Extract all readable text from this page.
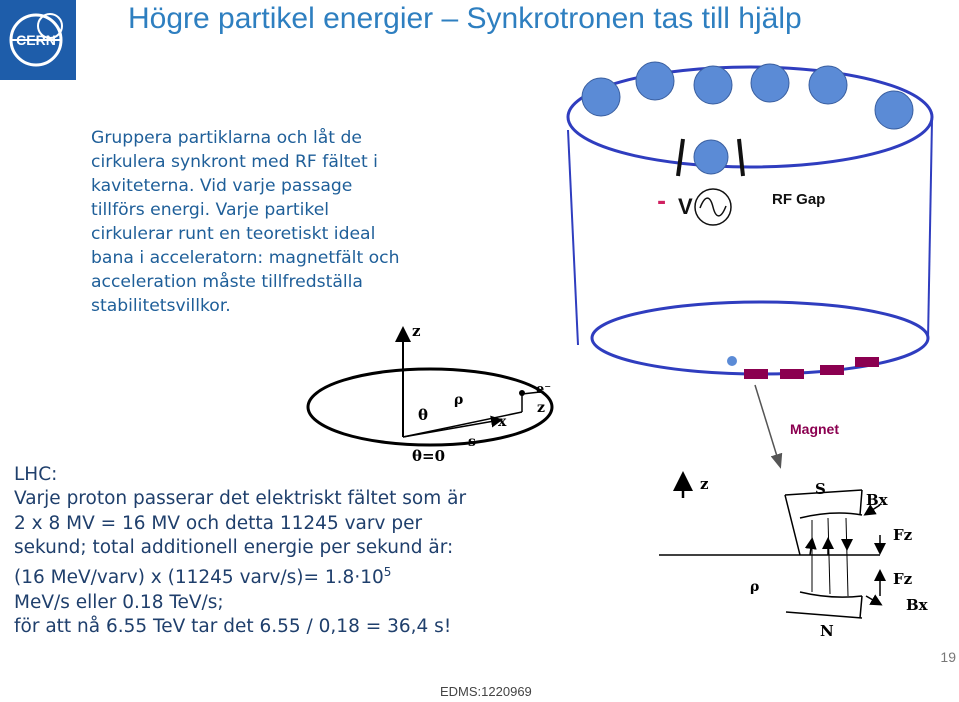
CERN
Högre partikel energier – Synkrotronen tas till hjälp
Gruppera partiklarna och låt de
cirkulera synkront med RF fältet i
kaviteterna. Vid varje passage
tillförs energi. Varje partikel
cirkulerar runt en teoretiskt ideal
bana i acceleratorn: magnetfält och
acceleration måste tillfredställa
stabilitetsvillkor.
LHC:
Varje proton passerar det elektriskt fältet som är
2 x 8 MV = 16 MV och detta 11245 varv per
sekund; total additionell energie per sekund är:
(16 MeV/varv) x (11245 varv/s)= $1.8\cdot 10^5$
MeV/s eller 0.18 TeV/s;
för att nå 6.55 TeV tar det 6.55 / 0,18 = 36,4 s!
V
z
ρ
θ	x
z
e⁻
s
θ=0
z	S
Bx
Fz
Fz
Bx
ρ
N
-	RF Gap
Magnet
19
EDMS:1220969
